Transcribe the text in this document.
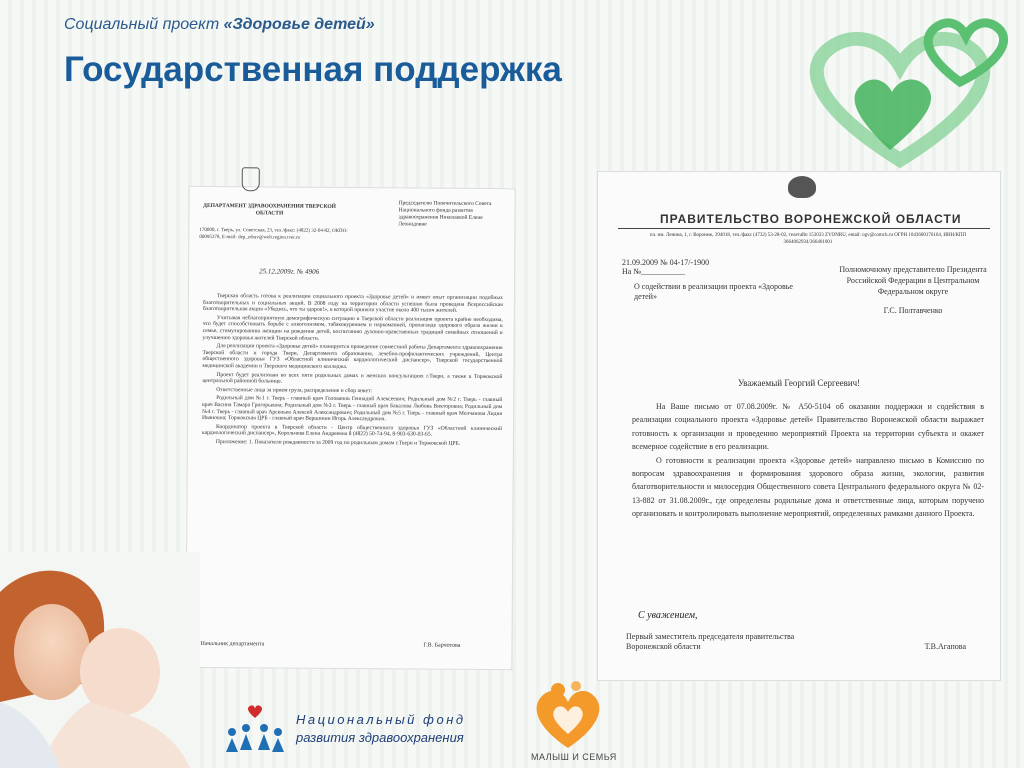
Социальный проект «Здоровье детей»
Государственная поддержка
ДЕПАРТАМЕНТ ЗДРАВООХРАНЕНИЯ ТВЕРСКОЙ ОБЛАСТИ
170000, г. Тверь, ул. Советская, 23, тел./факс: (4822) 32-04-82, ОКПО: 00095378, E-mail: dep_zdrav@web.region.tver.ru
Председателю Попечительского Совета Национального фонда развития здравоохранения Николаевой Елене Леонидовне
25.12.2009г. № 4906

Тверская область готова к реализации социального проекта «Здоровье детей» и имеет опыт организации подобных благотворительных и социальных акций. В 2008 году на территории области успешно была проведена Всероссийская благотворительная акция «Убедись, что ты здоров!», в которой приняли участие около 400 тысяч жителей.

Учитывая неблагоприятную демографическую ситуацию в Тверской области реализация проекта крайне необходима, что будет способствовать борьбе с алкоголизмом, табакокурением и наркоманией, пропаганде здорового образа жизни в семье, стимулированию женщин на рождение детей, воспитанию духовно-нравственных традиций семейных отношений и улучшению здоровья жителей Тверской области.

Для реализации проекта «Здоровье детей» планируется проведение совместной работы Департамента здравоохранения Тверской области и города Твери, Департамента образования, лечебно-профилактических учреждений, Центра общественного здоровья ГУЗ «Областной клинический кардиологический диспансер», Тверской государственной медицинской академии и Тверского медицинского колледжа.

Проект будет реализован во всех пяти родильных домах и женских консультациях г.Твери, а также в Торжокской центральной районной больнице.

Ответственные лица за прием груза, распределение и сбор анкет:

Родильный дом №1 г. Тверь - главный врач Голованов Геннадий Алексеевич; Родильный дом №2 г. Тверь - главный врач Васина Тамара Григорьевна; Родильный дом №3 г. Тверь - главный врач Бакалова Любовь Викторовна; Родильный дом №4 г. Тверь - главный врач Арсеньев Алексей Александрович; Родильный дом №5 г. Тверь - главный врач Молчанова Лидия Ивановна; Торжокская ЦРБ - главный врач Вершинин Игорь Александрович.

Координатор проекта в Тверской области - Центр общественного здоровья ГУЗ «Областной клинический кардиологический диспансер», Корольчева Елена Андреевна 8 (4822) 50-74-94, 8-903-630-03-65.

Приложение: 1. Показатели рождаемости за 2009 год по родильным домам г.Твери и Торжокской ЦРБ.

Начальник департамента	Г.В. Барчотова
ПРАВИТЕЛЬСТВО ВОРОНЕЖСКОЙ ОБЛАСТИ
пл. им. Ленина, 1, г. Воронеж, 394018, тел./факс (4732) 53-28-02, телетайп 153033 ZVONRU, email: ogv@comch.ru ОГРН 1043600176164, ИНН/КПП 3664062934/366401001
21.09.2009 № 04-17/-1900
На №___________
О содействии в реализации проекта «Здоровье детей»
Полномочному представителю Президента Российской Федерации в Центральном Федеральном округе
Г.С. Полтавченко
Уважаемый Георгий Сергеевич!

На Ваше письмо от 07.08.2009г. № А50-5104 об оказании поддержки и содействия в реализации социального проекта «Здоровье детей» Правительство Воронежской области выражает готовность к организации и проведению мероприятий Проекта на территории субъекта и окажет всемерное содействие в его реализации.

О готовности к реализации проекта «Здоровье детей» направлено письмо в Комиссию по вопросам здравоохранения и формирования здорового образа жизни, экологии, развития благотворительности и милосердия Общественного совета Центрального федерального округа № 02-13-882 от 31.08.2009г., где определены родильные дома и ответственные лица, которым поручено организовать и контролировать выполнение мероприятий, определенных рамками данного Проекта.

С уважением,
Первый заместитель председателя правительства Воронежской области	Т.В.Агапова
Национальный фонд
развития здравоохранения
МАЛЫШ И СЕМЬЯ
